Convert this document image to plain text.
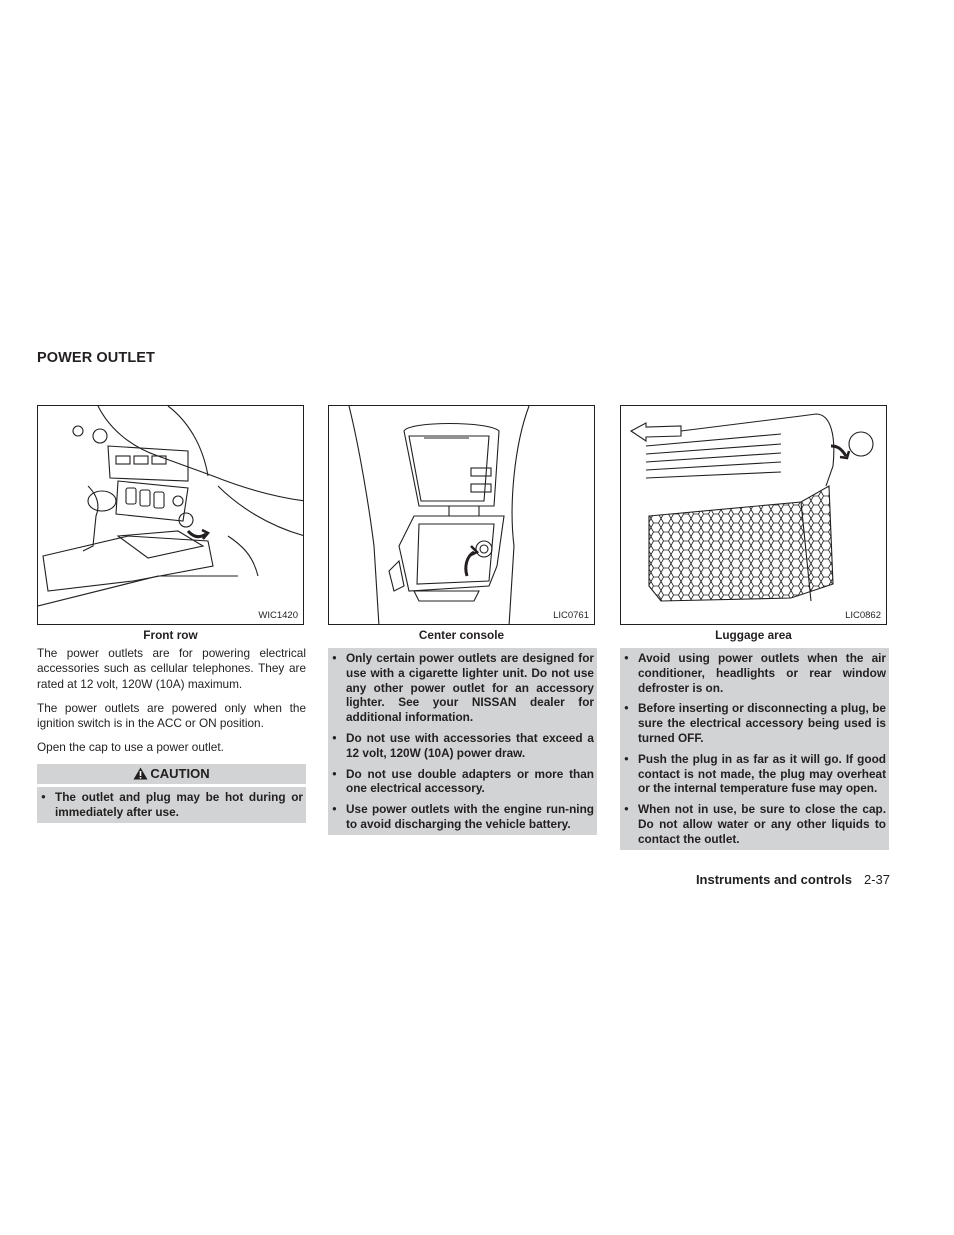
POWER OUTLET
WIC1420
Front row
LIC0761
Center console
LIC0862
Luggage area

The power outlets are for powering electrical accessories such as cellular telephones. They are rated at 12 volt, 120W (10A) maximum.

The power outlets are powered only when the ignition switch is in the ACC or ON position.

Open the cap to use a power outlet.

CAUTION
● The outlet and plug may be hot during or immediately after use.
● Only certain power outlets are designed for use with a cigarette lighter unit. Do not use any other power outlet for an accessory lighter. See your NISSAN dealer for additional information.
● Do not use with accessories that exceed a 12 volt, 120W (10A) power draw.
● Do not use double adapters or more than one electrical accessory.
● Use power outlets with the engine run-ning to avoid discharging the vehicle battery.
● Avoid using power outlets when the air conditioner, headlights or rear window defroster is on.
● Before inserting or disconnecting a plug, be sure the electrical accessory being used is turned OFF.
● Push the plug in as far as it will go. If good contact is not made, the plug may overheat or the internal temperature fuse may open.
● When not in use, be sure to close the cap. Do not allow water or any other liquids to contact the outlet.
Instruments and controls 2-37
